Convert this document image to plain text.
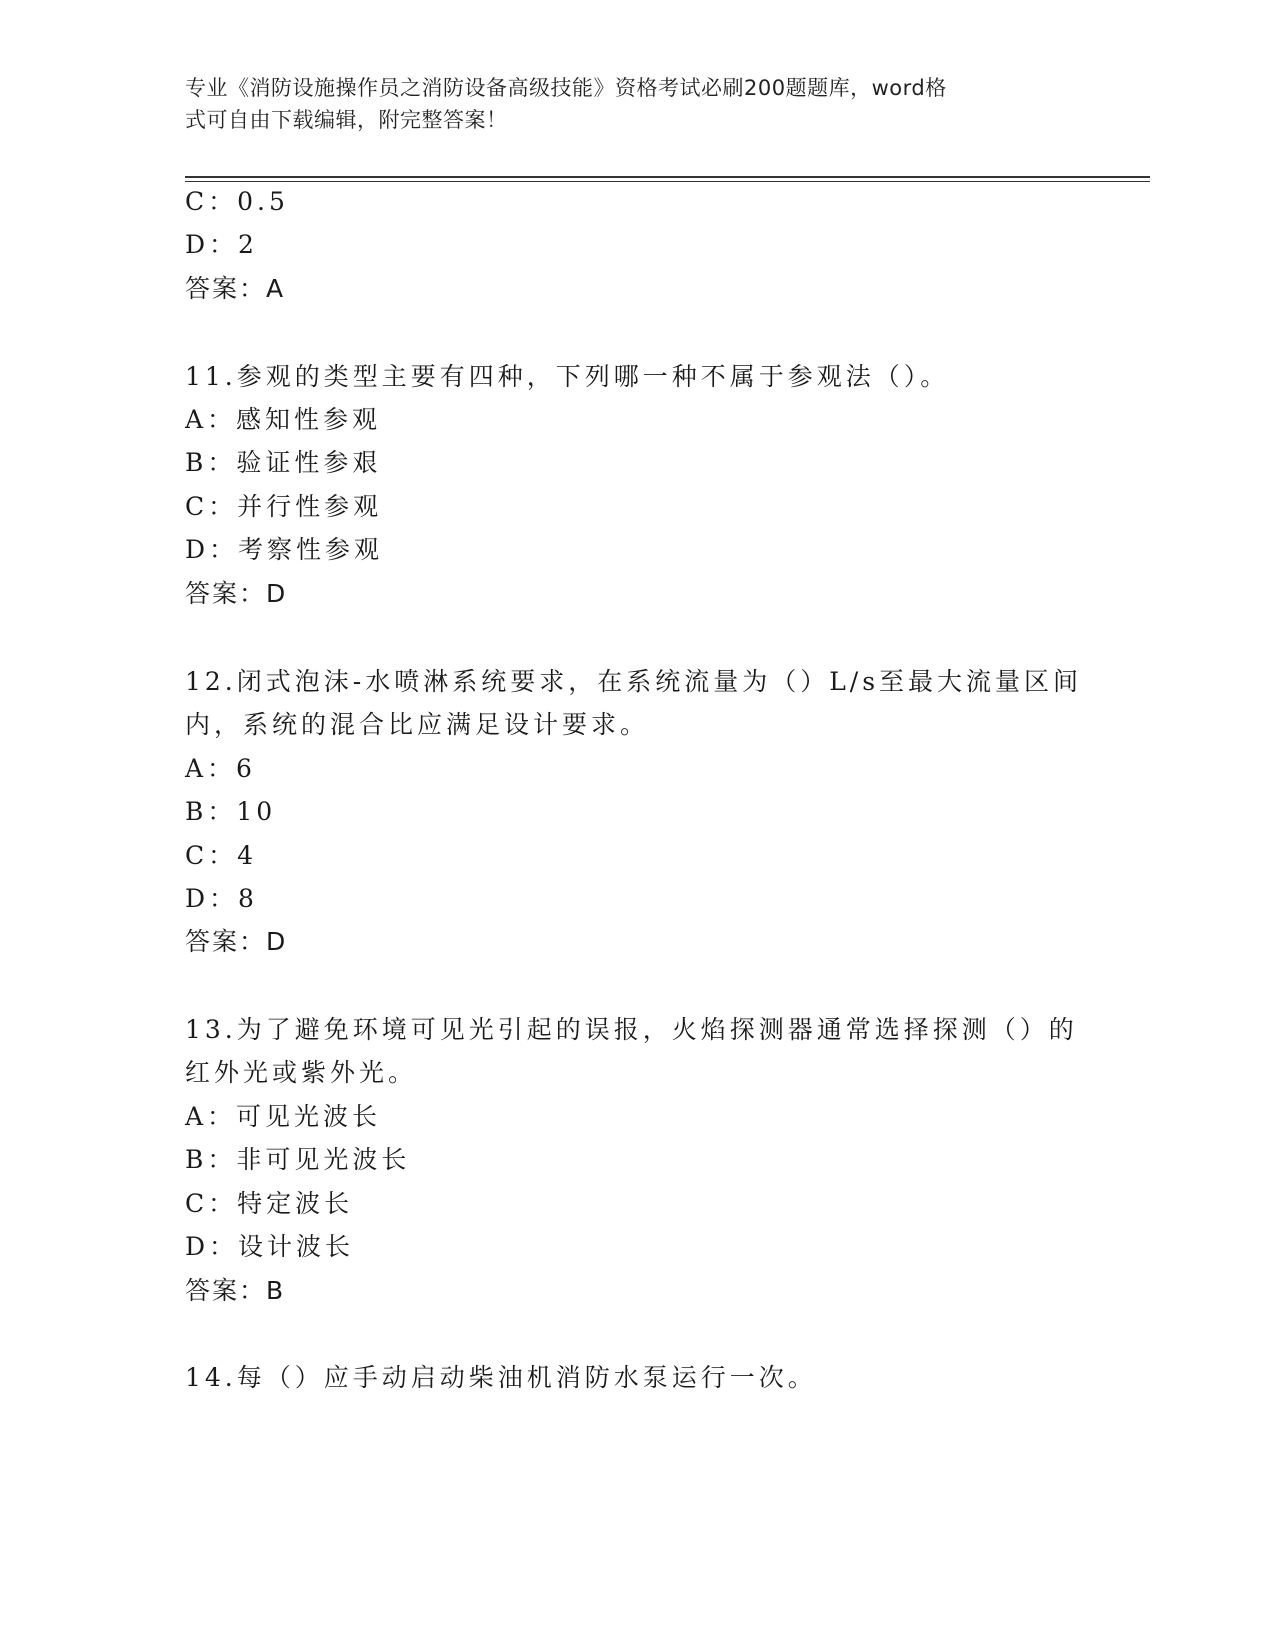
专业《消防设施操作员之消防设备高级技能》资格考试必刷200题题库，word格
式可自由下载编辑，附完整答案！
C：0.5
D：2
答案：A
11.参观的类型主要有四种，下列哪一种不属于参观法（）。
A：感知性参观
B：验证性参艰
C：并行性参观
D：考察性参观
答案：D
12.闭式泡沫-水喷淋系统要求，在系统流量为（）L/s至最大流量区间
内，系统的混合比应满足设计要求。
A：6
B：10
C：4
D：8
答案：D
13.为了避免环境可见光引起的误报，火焰探测器通常选择探测（）的
红外光或紫外光。
A：可见光波长
B：非可见光波长
C：特定波长
D：设计波长
答案：B
14.每（）应手动启动柴油机消防水泵运行一次。
